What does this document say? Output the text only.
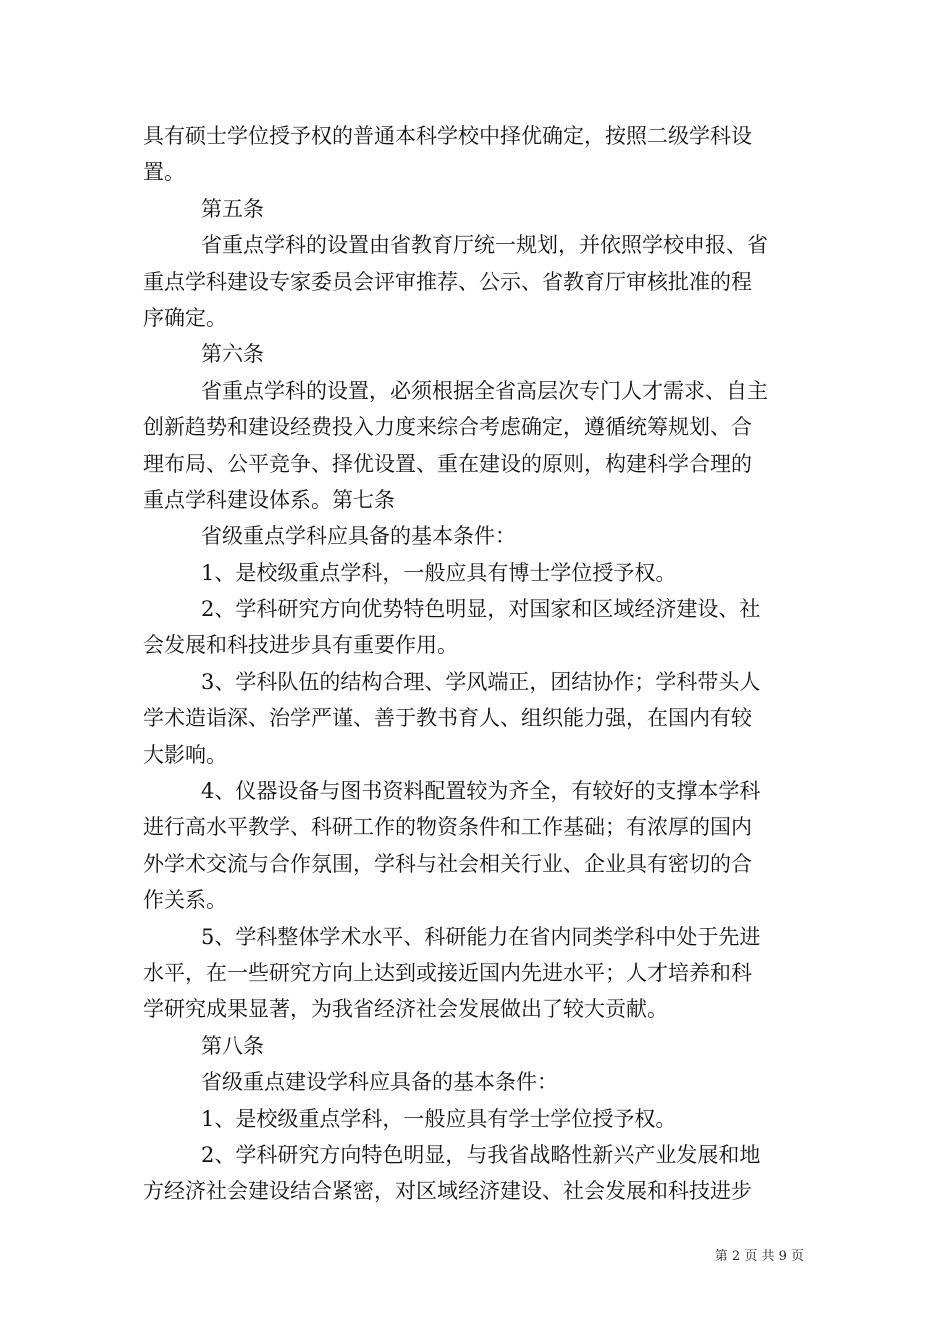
具有硕士学位授予权的普通本科学校中择优确定，按照二级学科设
置。
第五条
省重点学科的设置由省教育厅统一规划，并依照学校申报、省
重点学科建设专家委员会评审推荐、公示、省教育厅审核批准的程
序确定。
第六条
省重点学科的设置，必须根据全省高层次专门人才需求、自主
创新趋势和建设经费投入力度来综合考虑确定，遵循统筹规划、合
理布局、公平竞争、择优设置、重在建设的原则，构建科学合理的
重点学科建设体系。第七条
省级重点学科应具备的基本条件：
1、是校级重点学科，一般应具有博士学位授予权。
2、学科研究方向优势特色明显，对国家和区域经济建设、社
会发展和科技进步具有重要作用。
3、学科队伍的结构合理、学风端正，团结协作；学科带头人
学术造诣深、治学严谨、善于教书育人、组织能力强，在国内有较
大影响。
4、仪器设备与图书资料配置较为齐全，有较好的支撑本学科
进行高水平教学、科研工作的物资条件和工作基础；有浓厚的国内
外学术交流与合作氛围，学科与社会相关行业、企业具有密切的合
作关系。
5、学科整体学术水平、科研能力在省内同类学科中处于先进
水平，在一些研究方向上达到或接近国内先进水平；人才培养和科
学研究成果显著，为我省经济社会发展做出了较大贡献。
第八条
省级重点建设学科应具备的基本条件：
1、是校级重点学科，一般应具有学士学位授予权。
2、学科研究方向特色明显，与我省战略性新兴产业发展和地
方经济社会建设结合紧密，对区域经济建设、社会发展和科技进步
第 2 页 共 9 页
